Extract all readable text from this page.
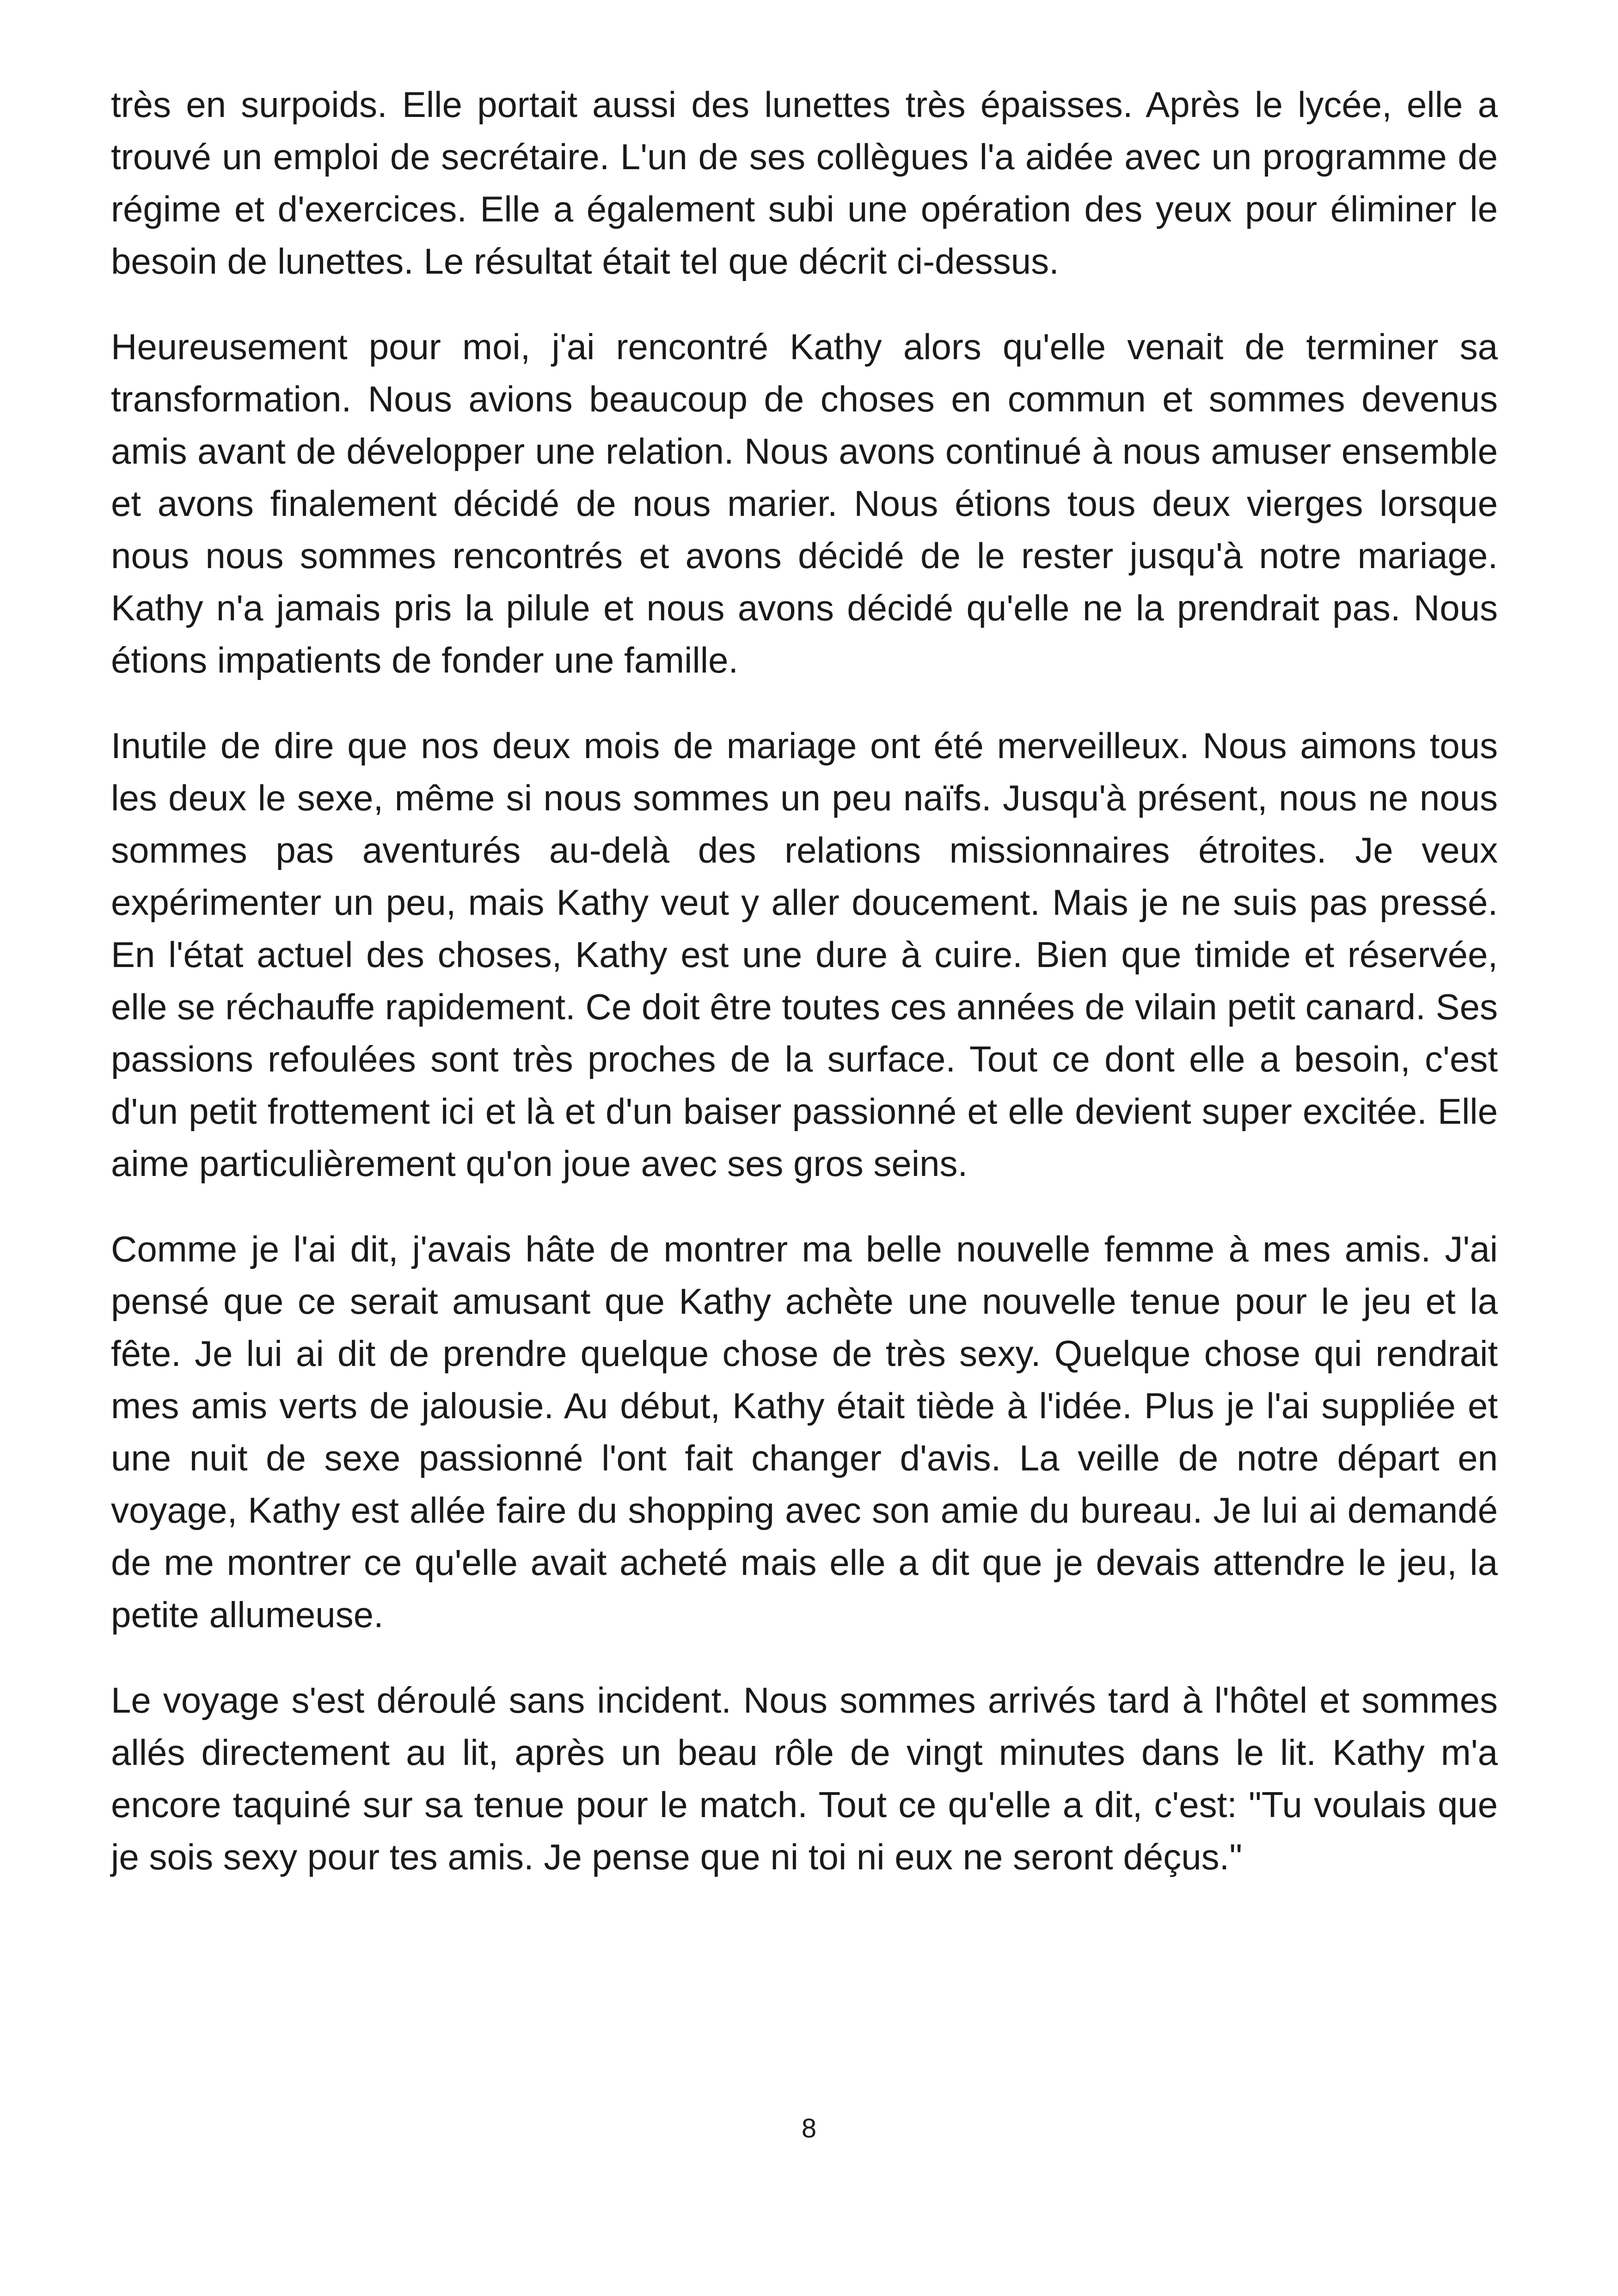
très en surpoids. Elle portait aussi des lunettes très épaisses. Après le lycée, elle a trouvé un emploi de secrétaire. L'un de ses collègues l'a aidée avec un programme de régime et d'exercices. Elle a également subi une opération des yeux pour éliminer le besoin de lunettes. Le résultat était tel que décrit ci-dessus.

Heureusement pour moi, j'ai rencontré Kathy alors qu'elle venait de terminer sa transformation. Nous avions beaucoup de choses en commun et sommes devenus amis avant de développer une relation. Nous avons continué à nous amuser ensemble et avons finalement décidé de nous marier. Nous étions tous deux vierges lorsque nous nous sommes rencontrés et avons décidé de le rester jusqu'à notre mariage. Kathy n'a jamais pris la pilule et nous avons décidé qu'elle ne la prendrait pas. Nous étions impatients de fonder une famille.

Inutile de dire que nos deux mois de mariage ont été merveilleux. Nous aimons tous les deux le sexe, même si nous sommes un peu naïfs. Jusqu'à présent, nous ne nous sommes pas aventurés au-delà des relations missionnaires étroites. Je veux expérimenter un peu, mais Kathy veut y aller doucement. Mais je ne suis pas pressé. En l'état actuel des choses, Kathy est une dure à cuire. Bien que timide et réservée, elle se réchauffe rapidement. Ce doit être toutes ces années de vilain petit canard. Ses passions refoulées sont très proches de la surface. Tout ce dont elle a besoin, c'est d'un petit frottement ici et là et d'un baiser passionné et elle devient super excitée. Elle aime particulièrement qu'on joue avec ses gros seins.

Comme je l'ai dit, j'avais hâte de montrer ma belle nouvelle femme à mes amis. J'ai pensé que ce serait amusant que Kathy achète une nouvelle tenue pour le jeu et la fête. Je lui ai dit de prendre quelque chose de très sexy. Quelque chose qui rendrait mes amis verts de jalousie. Au début, Kathy était tiède à l'idée. Plus je l'ai suppliée et une nuit de sexe passionné l'ont fait changer d'avis. La veille de notre départ en voyage, Kathy est allée faire du shopping avec son amie du bureau. Je lui ai demandé de me montrer ce qu'elle avait acheté mais elle a dit que je devais attendre le jeu, la petite allumeuse.

Le voyage s'est déroulé sans incident. Nous sommes arrivés tard à l'hôtel et sommes allés directement au lit, après un beau rôle de vingt minutes dans le lit. Kathy m'a encore taquiné sur sa tenue pour le match. Tout ce qu'elle a dit, c'est: "Tu voulais que je sois sexy pour tes amis. Je pense que ni toi ni eux ne seront déçus."

8
